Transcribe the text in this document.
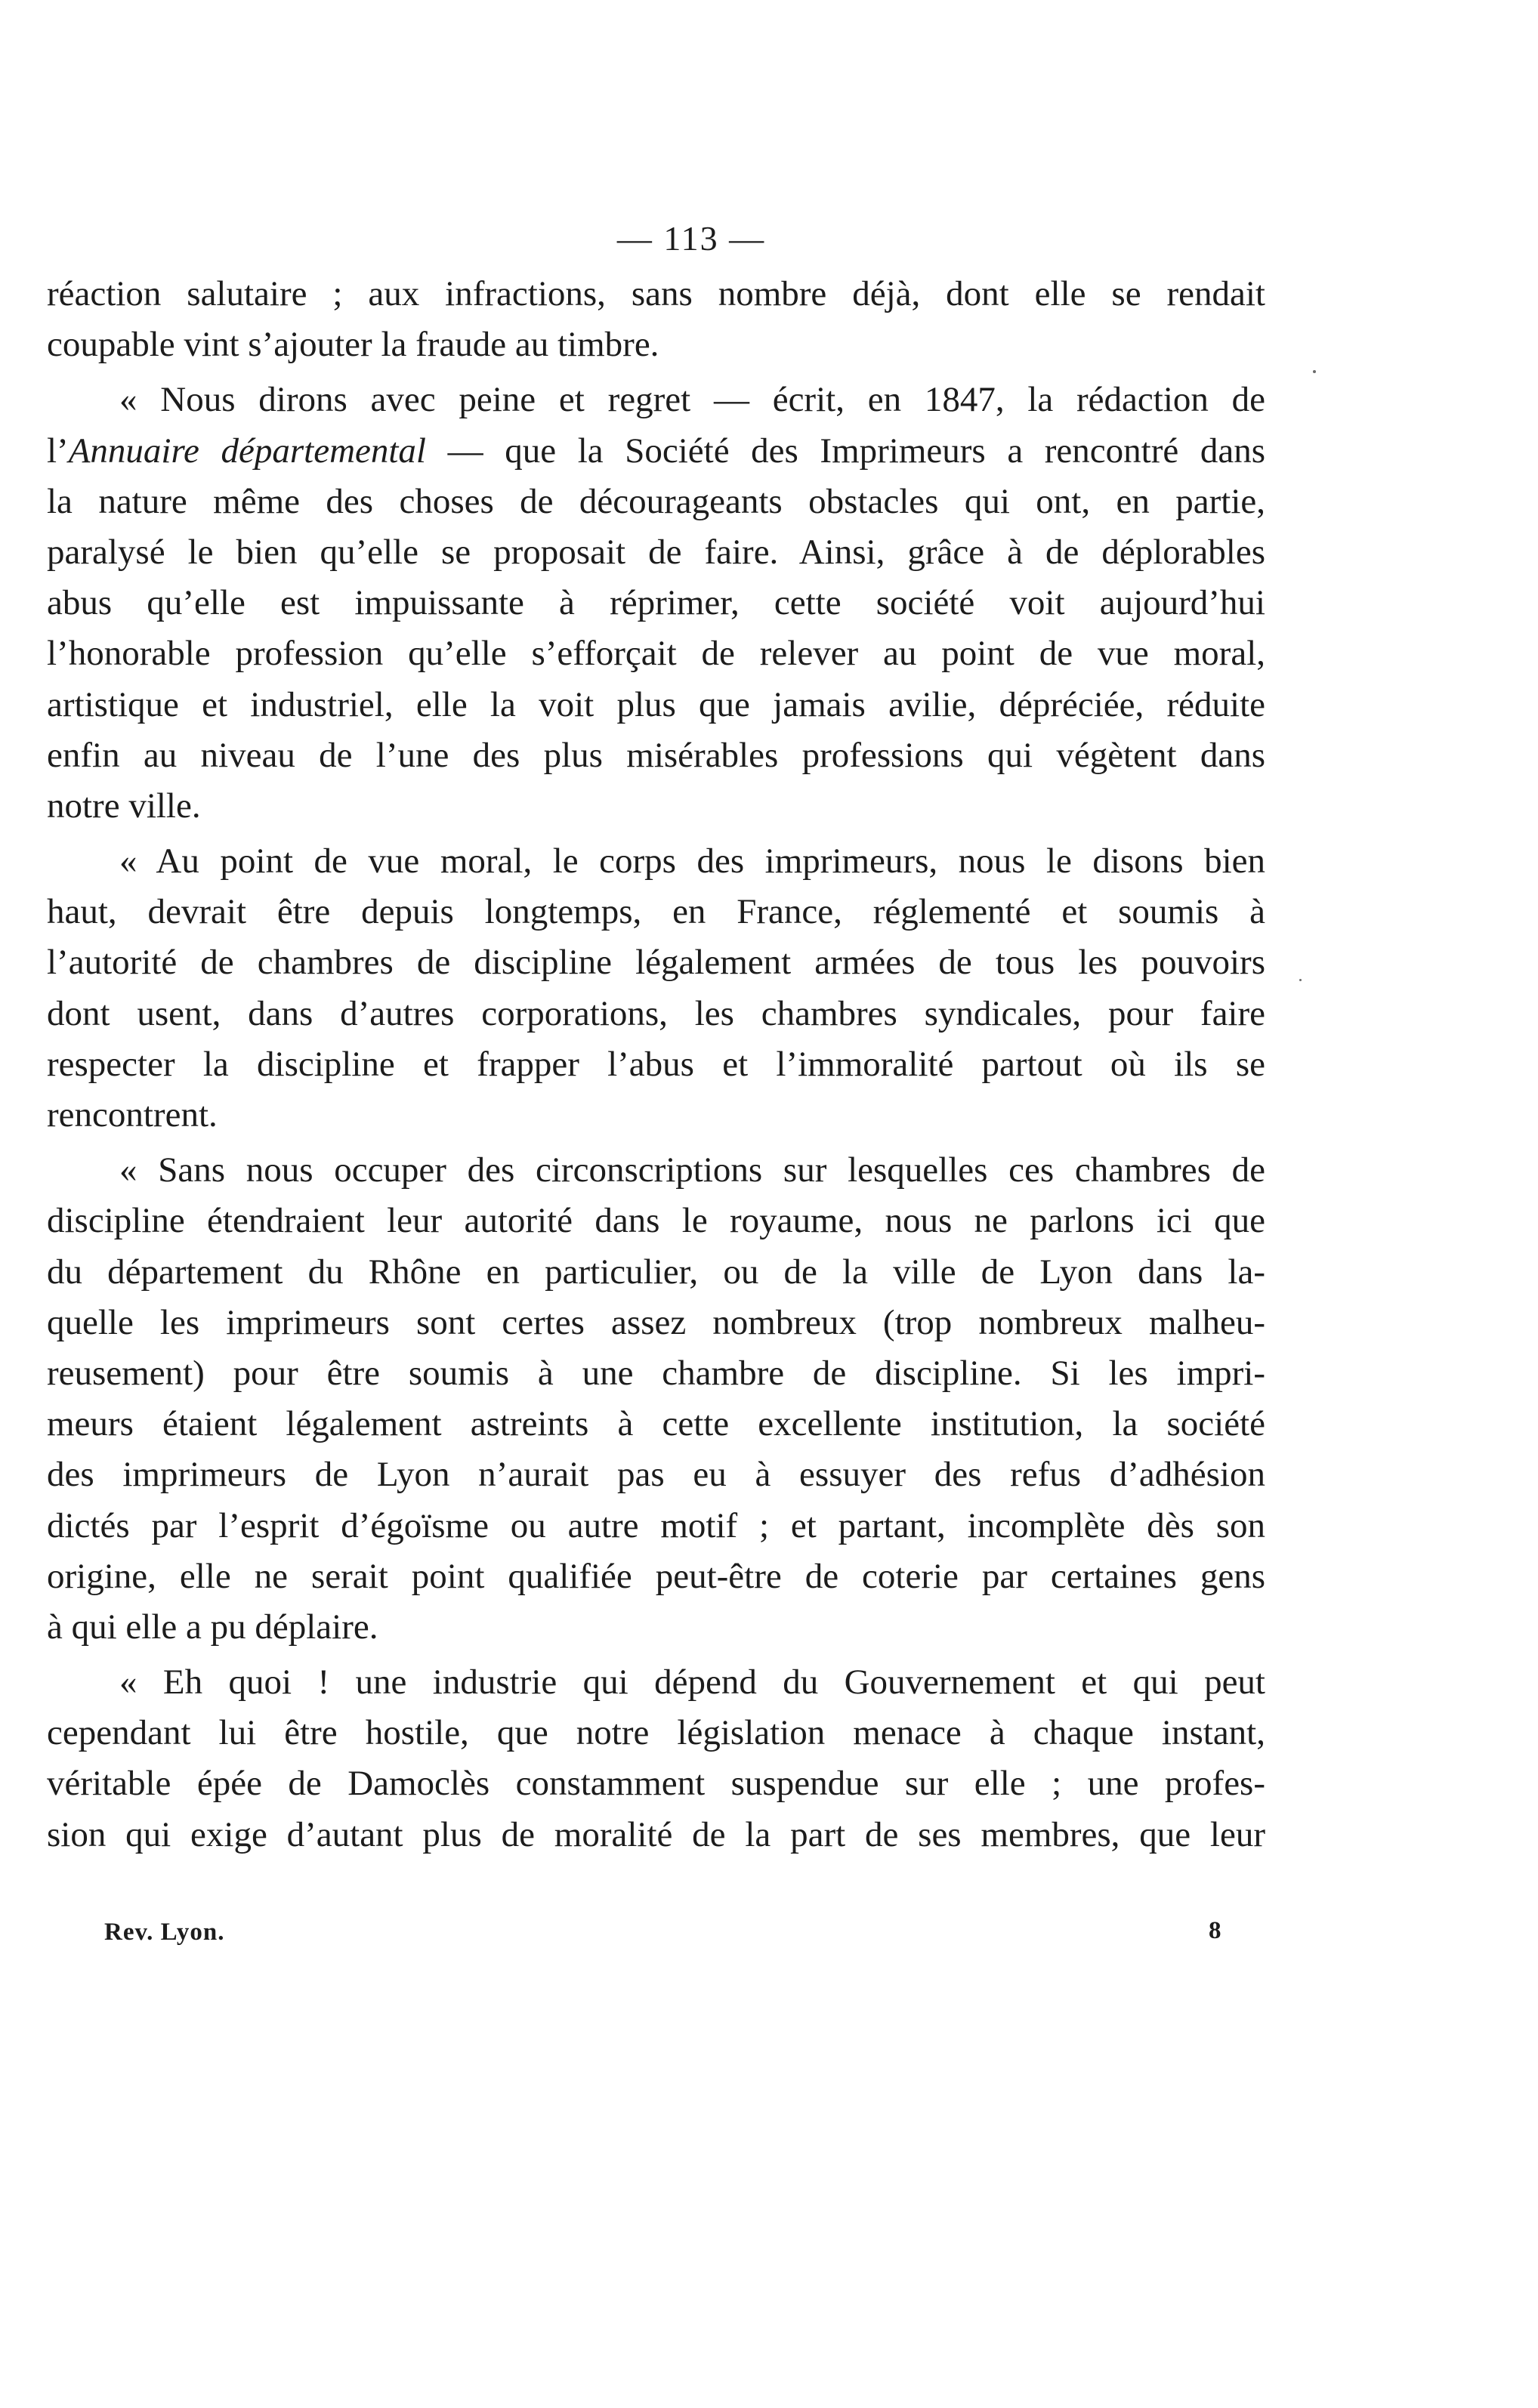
— 113 —
réaction salutaire ; aux infractions, sans nombre déjà, dont elle se rendait
coupable vint s’ajouter la fraude au timbre.
« Nous dirons avec peine et regret — écrit, en 1847, la rédaction de
l’Annuaire départemental — que la Société des Imprimeurs a rencontré dans
la nature même des choses de décourageants obstacles qui ont, en partie,
paralysé le bien qu’elle se proposait de faire. Ainsi, grâce à de déplorables
abus qu’elle est impuissante à réprimer, cette société voit aujourd’hui
l’honorable profession qu’elle s’efforçait de relever au point de vue moral,
artistique et industriel, elle la voit plus que jamais avilie, dépréciée, réduite
enfin au niveau de l’une des plus misérables professions qui végètent dans
notre ville.
« Au point de vue moral, le corps des imprimeurs, nous le disons bien
haut, devrait être depuis longtemps, en France, réglementé et soumis à
l’autorité de chambres de discipline légalement armées de tous les pouvoirs
dont usent, dans d’autres corporations, les chambres syndicales, pour faire
respecter la discipline et frapper l’abus et l’immoralité partout où ils se
rencontrent.
« Sans nous occuper des circonscriptions sur lesquelles ces chambres de
discipline étendraient leur autorité dans le royaume, nous ne parlons ici que
du département du Rhône en particulier, ou de la ville de Lyon dans la-
quelle les imprimeurs sont certes assez nombreux (trop nombreux malheu-
reusement) pour être soumis à une chambre de discipline. Si les impri-
meurs étaient légalement astreints à cette excellente institution, la société
des imprimeurs de Lyon n’aurait pas eu à essuyer des refus d’adhésion
dictés par l’esprit d’égoïsme ou autre motif ; et partant, incomplète dès son
origine, elle ne serait point qualifiée peut-être de coterie par certaines gens
à qui elle a pu déplaire.
« Eh quoi ! une industrie qui dépend du Gouvernement et qui peut
cependant lui être hostile, que notre législation menace à chaque instant,
véritable épée de Damoclès constamment suspendue sur elle ; une profes-
sion qui exige d’autant plus de moralité de la part de ses membres, que leur
Rev. Lyon.	8
